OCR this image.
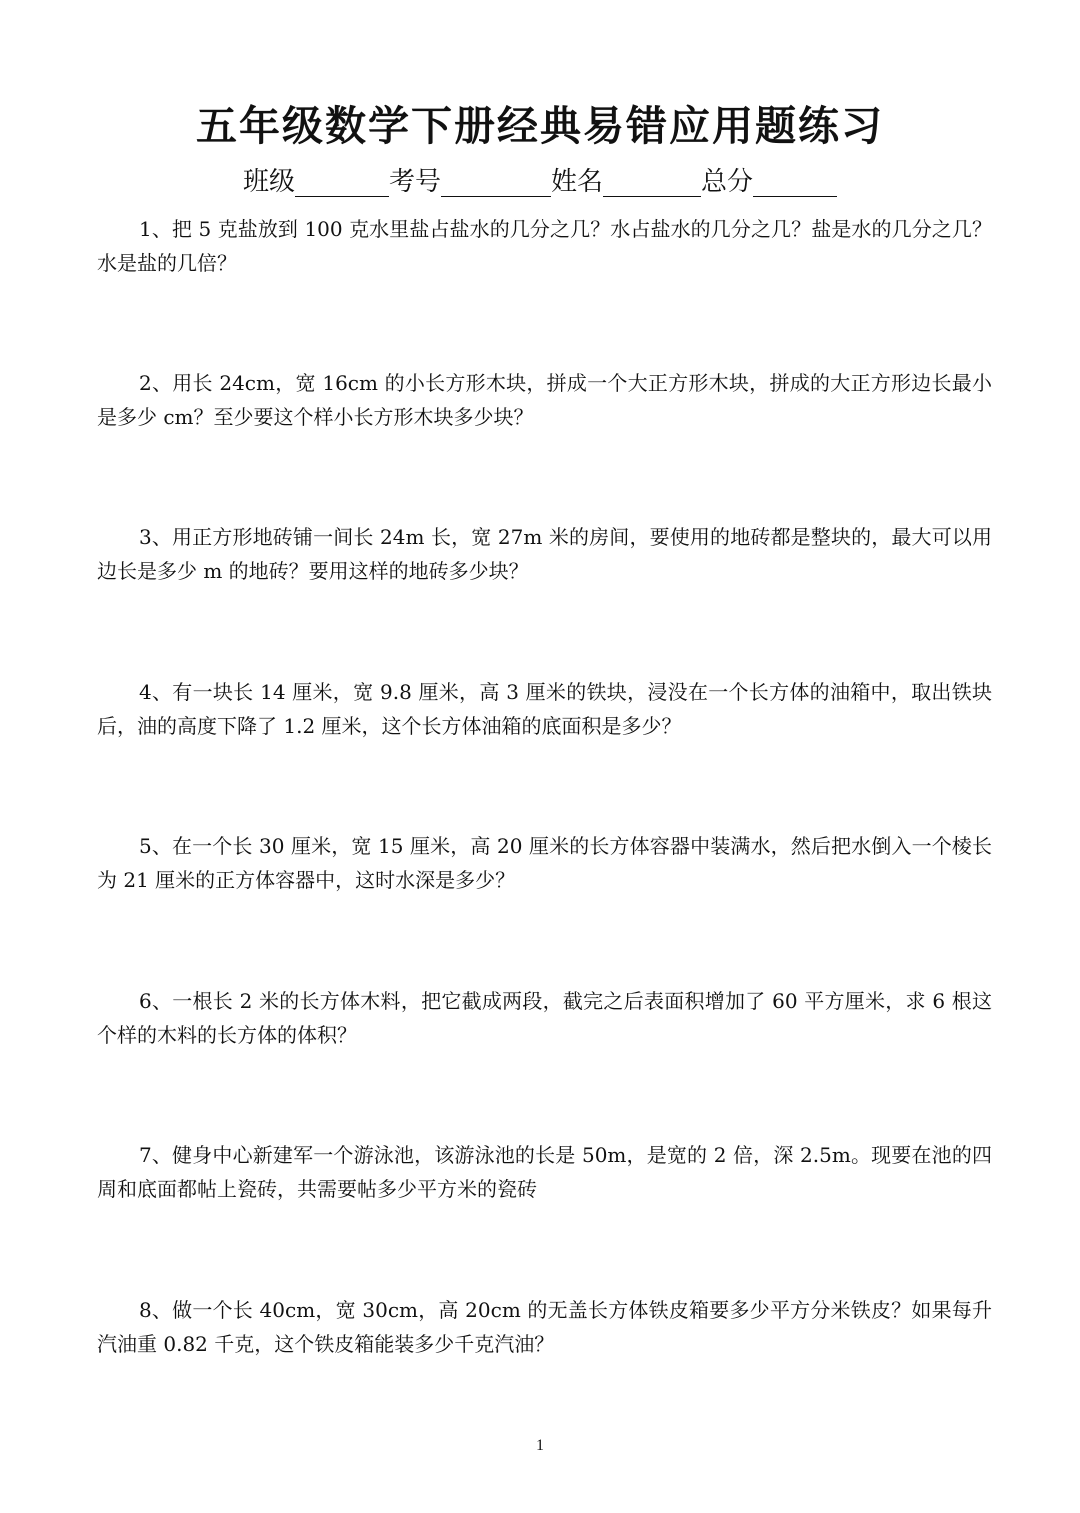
五年级数学下册经典易错应用题练习
班级	考号	姓名	总分

1、把 5 克盐放到 100 克水里盐占盐水的几分之几？水占盐水的几分之几？盐是水的几分之几？水是盐的几倍？

2、用长 24cm，宽 16cm 的小长方形木块，拼成一个大正方形木块，拼成的大正方形边长最小是多少 cm？至少要这个样小长方形木块多少块？

3、用正方形地砖铺一间长 24m 长，宽 27m 米的房间，要使用的地砖都是整块的，最大可以用边长是多少 m 的地砖？要用这样的地砖多少块？

4、有一块长 14 厘米，宽 9.8 厘米，高 3 厘米的铁块，浸没在一个长方体的油箱中，取出铁块后，油的高度下降了 1.2 厘米，这个长方体油箱的底面积是多少？

5、在一个长 30 厘米，宽 15 厘米，高 20 厘米的长方体容器中装满水，然后把水倒入一个棱长为 21 厘米的正方体容器中，这时水深是多少？

6、一根长 2 米的长方体木料，把它截成两段，截完之后表面积增加了 60 平方厘米，求 6 根这个样的木料的长方体的体积？

7、健身中心新建军一个游泳池，该游泳池的长是 50m，是宽的 2 倍，深 2.5m。现要在池的四周和底面都帖上瓷砖，共需要帖多少平方米的瓷砖

8、做一个长 40cm，宽 30cm，高 20cm 的无盖长方体铁皮箱要多少平方分米铁皮？如果每升汽油重 0.82 千克，这个铁皮箱能装多少千克汽油？

1
